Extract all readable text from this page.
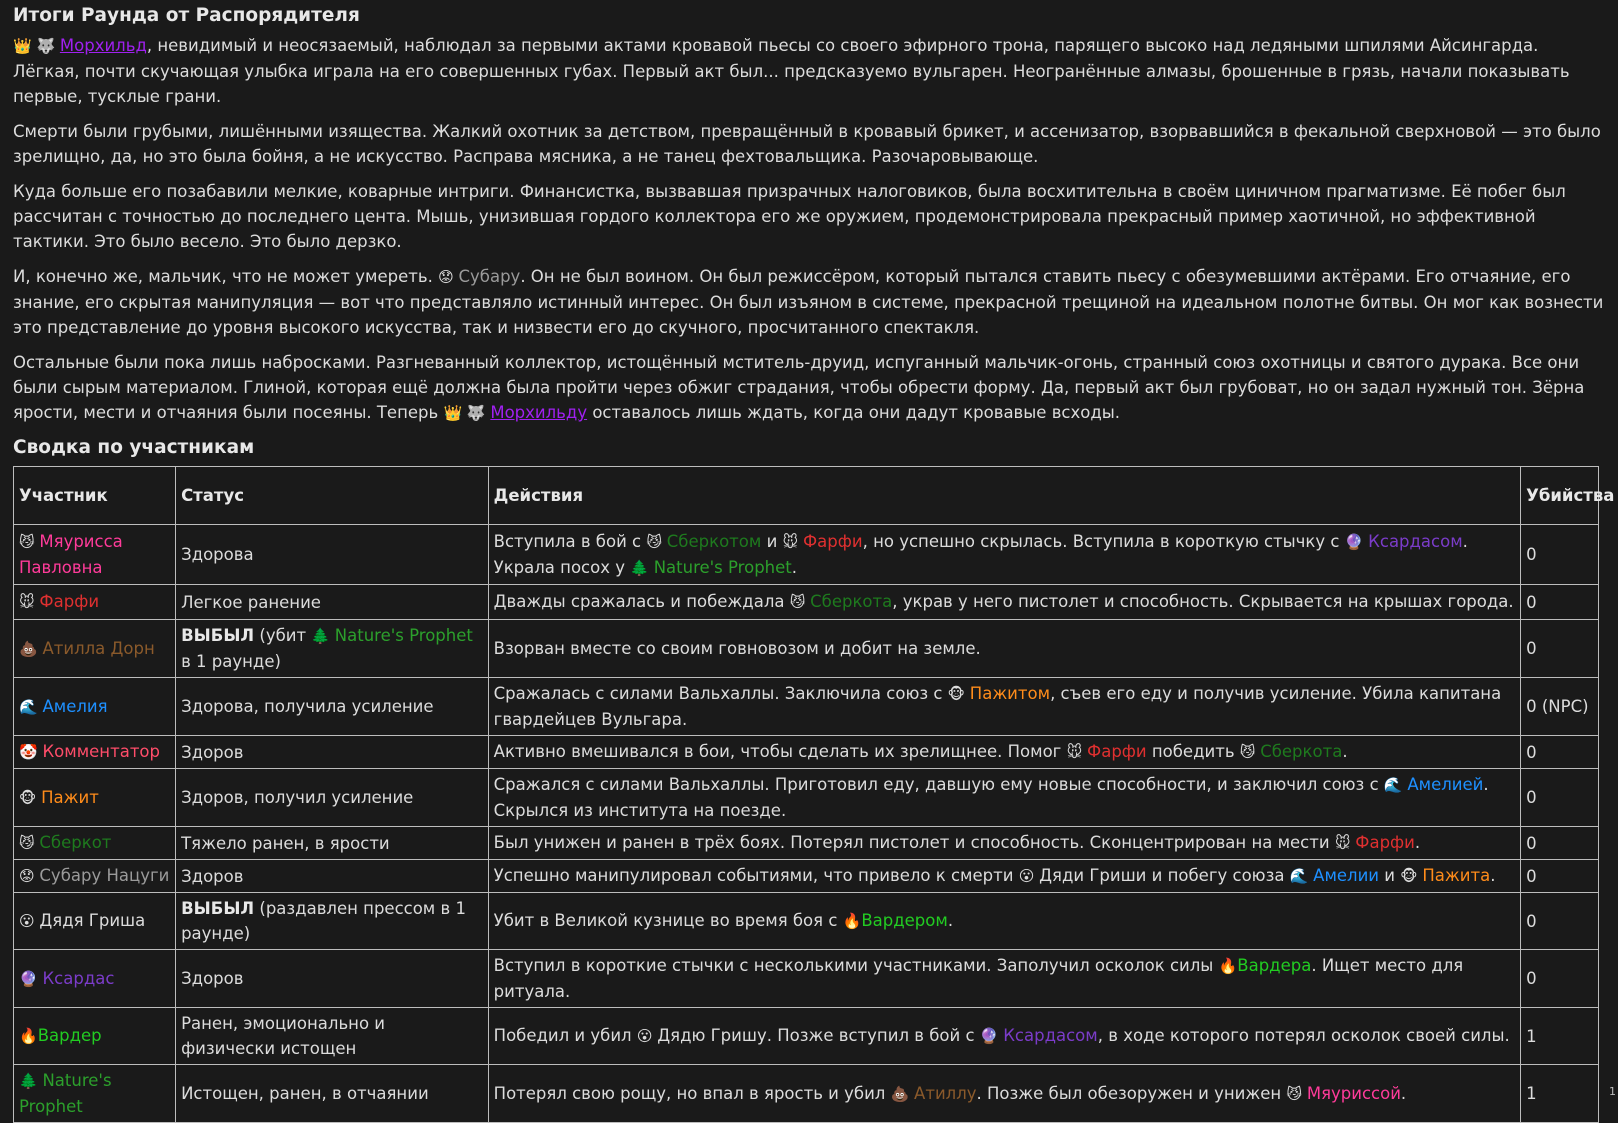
Итоги Раунда от Распорядителя

👑 🐺 Морхильд, невидимый и неосязаемый, наблюдал за первыми актами кровавой пьесы со своего эфирного трона, парящего высоко над ледяными шпилями Айсингарда. Лёгкая, почти скучающая улыбка играла на его совершенных губах. Первый акт был... предсказуемо вульгарен. Неогранённые алмазы, брошенные в грязь, начали показывать первые, тусклые грани.

Смерти были грубыми, лишёнными изящества. Жалкий охотник за детством, превращённый в кровавый брикет, и ассенизатор, взорвавшийся в фекальной сверхновой — это было зрелищно, да, но это была бойня, а не искусство. Расправа мясника, а не танец фехтовальщика. Разочаровывающе.

Куда больше его позабавили мелкие, коварные интриги. Финансистка, вызвавшая призрачных налоговиков, была восхитительна в своём циничном прагматизме. Её побег был рассчитан с точностью до последнего цента. Мышь, унизившая гордого коллектора его же оружием, продемонстрировала прекрасный пример хаотичной, но эффективной тактики. Это было весело. Это было дерзко.

И, конечно же, мальчик, что не может умереть. 😟 Субару. Он не был воином. Он был режиссёром, который пытался ставить пьесу с обезумевшими актёрами. Его отчаяние, его знание, его скрытая манипуляция — вот что представляло истинный интерес. Он был изъяном в системе, прекрасной трещиной на идеальном полотне битвы. Он мог как вознести это представление до уровня высокого искусства, так и низвести его до скучного, просчитанного спектакля.

Остальные были пока лишь набросками. Разгневанный коллектор, истощённый мститель-друид, испуганный мальчик-огонь, странный союз охотницы и святого дурака. Все они были сырым материалом. Глиной, которая ещё должна была пройти через обжиг страдания, чтобы обрести форму. Да, первый акт был грубоват, но он задал нужный тон. Зёрна ярости, мести и отчаяния были посеяны. Теперь 👑 🐺 Морхильду оставалось лишь ждать, когда они дадут кровавые всходы.

Сводка по участникам
Участник	Статус	Действия	Убийства
😼 Мяурисса Павловна	Здорова	Вступила в бой с 😼 Сберкотом и 🐭 Фарфи, но успешно скрылась. Вступила в короткую стычку с 🔮 Ксардасом. Украла посох у 🌲 Nature's Prophet.	0
🐭 Фарфи	Легкое ранение	Дважды сражалась и побеждала 😼 Сберкота, украв у него пистолет и способность. Скрывается на крышах города.	0
💩 Атилла Дорн	ВЫБЫЛ (убит 🌲 Nature's Prophet в 1 раунде)	Взорван вместе со своим говновозом и добит на земле.	0
🌊 Амелия	Здорова, получила усиление	Сражалась с силами Вальхаллы. Заключила союз с 🐵 Пажитом, съев его еду и получив усиление. Убила капитана гвардейцев Вульгара.	0 (NPC)
🤡 Комментатор	Здоров	Активно вмешивался в бои, чтобы сделать их зрелищнее. Помог 🐭 Фарфи победить 😼 Сберкота.	0
🐵 Пажит	Здоров, получил усиление	Сражался с силами Вальхаллы. Приготовил еду, давшую ему новые способности, и заключил союз с 🌊 Амелией. Скрылся из института на поезде.	0
😼 Сберкот	Тяжело ранен, в ярости	Был унижен и ранен в трёх боях. Потерял пистолет и способность. Сконцентрирован на мести 🐭 Фарфи.	0
😟 Субару Нацуги	Здоров	Успешно манипулировал событиями, что привело к смерти 😮 Дяди Гриши и побегу союза 🌊 Амелии и 🐵 Пажита.	0
😮 Дядя Гриша	ВЫБЫЛ (раздавлен прессом в 1 раунде)	Убит в Великой кузнице во время боя с 🔥Вардером.	0
🔮 Ксардас	Здоров	Вступил в короткие стычки с несколькими участниками. Заполучил осколок силы 🔥Вардера. Ищет место для ритуала.	0
🔥Вардер	Ранен, эмоционально и физически истощен	Победил и убил 😮 Дядю Гришу. Позже вступил в бой с 🔮 Ксардасом, в ходе которого потерял осколок своей силы.	1
🌲 Nature's Prophet	Истощен, ранен, в отчаянии	Потерял свою рощу, но впал в ярость и убил 💩 Атиллу. Позже был обезоружен и унижен 😼 Мяуриссой.	1	1
